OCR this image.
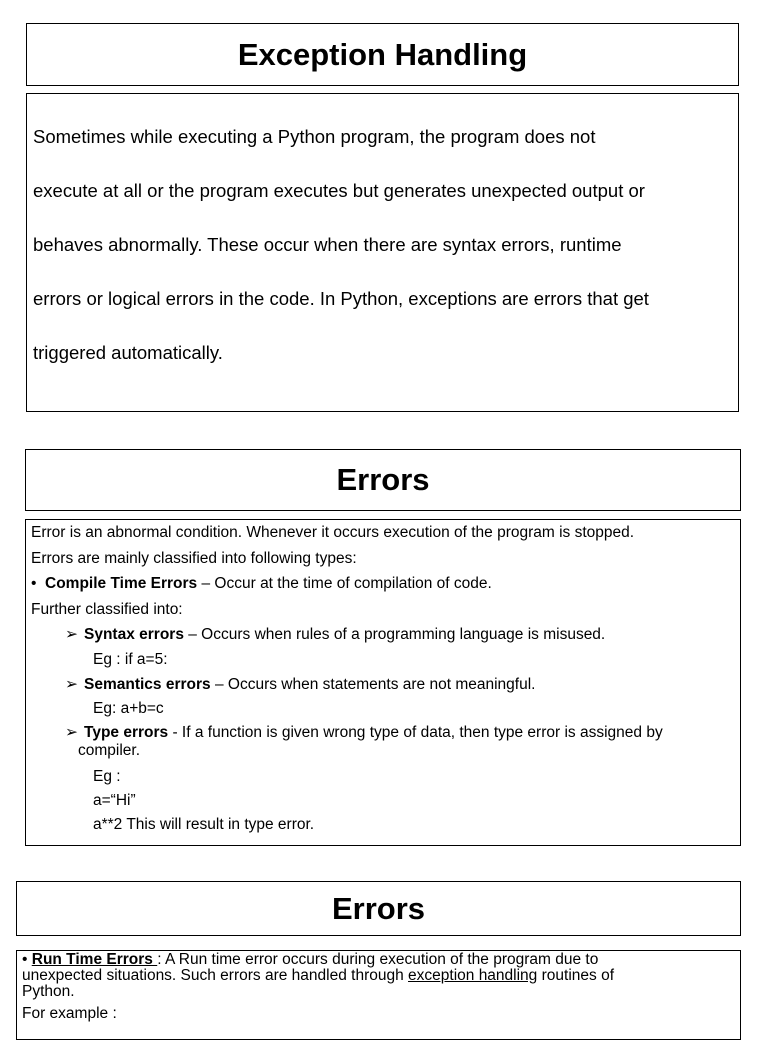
Exception Handling

Sometimes while executing a Python program, the program does not

execute at all or the program executes but generates unexpected output or

behaves abnormally. These occur when there are syntax errors, runtime

errors or logical errors in the code. In Python, exceptions are errors that get

triggered automatically.

Errors
Error is an abnormal condition. Whenever it occurs execution of the program is stopped.
Errors are mainly classified into following types:
• Compile Time Errors – Occur at the time of compilation of code.
Further classified into:
➢ Syntax errors – Occurs when rules of a programming language is misused.
Eg : if a=5:
➢ Semantics errors – Occurs when statements are not meaningful.
Eg: a+b=c
➢ Type errors - If a function is given wrong type of data, then type error is assigned by
compiler.
Eg :
a=“Hi”
a**2 This will result in type error.
Errors
• Run Time Errors : A Run time error occurs during execution of the program due to
unexpected situations. Such errors are handled through exception handling routines of
Python.
For example :
